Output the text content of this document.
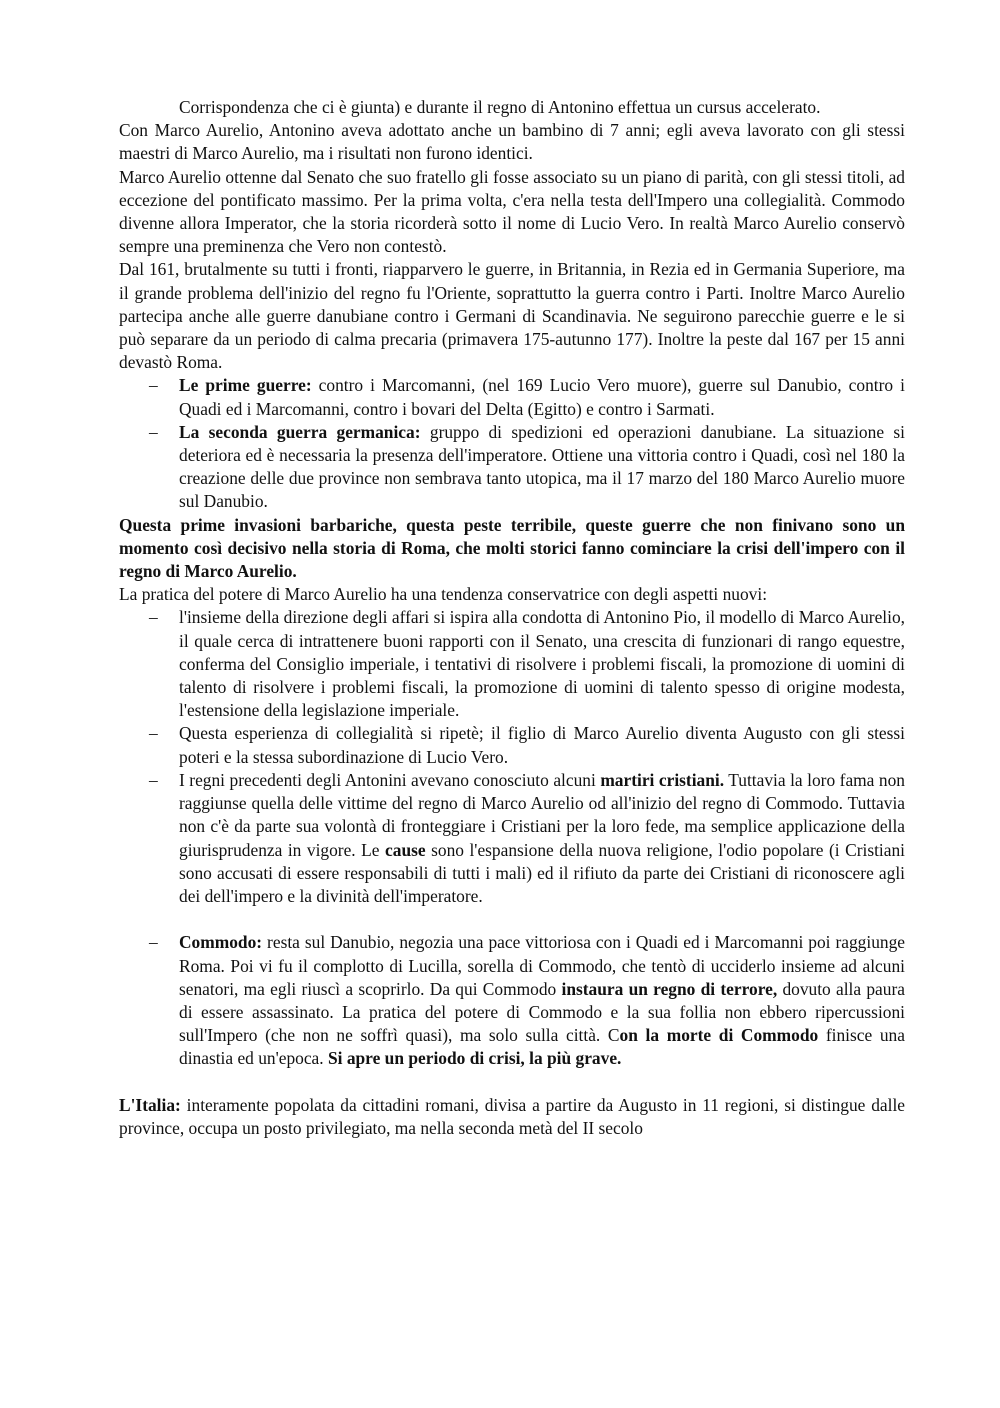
Corrispondenza che ci è giunta) e durante il regno di Antonino effettua un cursus accelerato.

Con Marco Aurelio, Antonino aveva adottato anche un bambino di 7 anni; egli aveva lavorato con gli stessi maestri di Marco Aurelio, ma i risultati non furono identici.

Marco Aurelio ottenne dal Senato che suo fratello gli fosse associato su un piano di parità, con gli stessi titoli, ad eccezione del pontificato massimo. Per la prima volta, c'era nella testa dell'Impero una collegialità. Commodo divenne allora Imperator, che la storia ricorderà sotto il nome di Lucio Vero. In realtà Marco Aurelio conservò sempre una preminenza che Vero non contestò.

Dal 161, brutalmente su tutti i fronti, riapparvero le guerre, in Britannia, in Rezia ed in Germania Superiore, ma il grande problema dell'inizio del regno fu l'Oriente, soprattutto la guerra contro i Parti. Inoltre Marco Aurelio partecipa anche alle guerre danubiane contro i Germani di Scandinavia. Ne seguirono parecchie guerre e le si può separare da un periodo di calma precaria (primavera 175-autunno 177). Inoltre la peste dal 167 per 15 anni devastò Roma.

– Le prime guerre: contro i Marcomanni, (nel 169 Lucio Vero muore), guerre sul Danubio, contro i Quadi ed i Marcomanni, contro i bovari del Delta (Egitto) e contro i Sarmati.
– La seconda guerra germanica: gruppo di spedizioni ed operazioni danubiane. La situazione si deteriora ed è necessaria la presenza dell'imperatore. Ottiene una vittoria contro i Quadi, così nel 180 la creazione delle due province non sembrava tanto utopica, ma il 17 marzo del 180 Marco Aurelio muore sul Danubio.

Questa prime invasioni barbariche, questa peste terribile, queste guerre che non finivano sono un momento così decisivo nella storia di Roma, che molti storici fanno cominciare la crisi dell'impero con il regno di Marco Aurelio.

La pratica del potere di Marco Aurelio ha una tendenza conservatrice con degli aspetti nuovi:

– l'insieme della direzione degli affari si ispira alla condotta di Antonino Pio, il modello di Marco Aurelio, il quale cerca di intrattenere buoni rapporti con il Senato, una crescita di funzionari di rango equestre, conferma del Consiglio imperiale, i tentativi di risolvere i problemi fiscali, la promozione di uomini di talento di risolvere i problemi fiscali, la promozione di uomini di talento spesso di origine modesta, l'estensione della legislazione imperiale.
– Questa esperienza di collegialità si ripetè; il figlio di Marco Aurelio diventa Augusto con gli stessi poteri e la stessa subordinazione di Lucio Vero.
– I regni precedenti degli Antonini avevano conosciuto alcuni martiri cristiani. Tuttavia la loro fama non raggiunse quella delle vittime del regno di Marco Aurelio od all'inizio del regno di Commodo. Tuttavia non c'è da parte sua volontà di fronteggiare i Cristiani per la loro fede, ma semplice applicazione della giurisprudenza in vigore. Le cause sono l'espansione della nuova religione, l'odio popolare (i Cristiani sono accusati di essere responsabili di tutti i mali) ed il rifiuto da parte dei Cristiani di riconoscere agli dei dell'impero e la divinità dell'imperatore.
– Commodo: resta sul Danubio, negozia una pace vittoriosa con i Quadi ed i Marcomanni poi raggiunge Roma. Poi vi fu il complotto di Lucilla, sorella di Commodo, che tentò di ucciderlo insieme ad alcuni senatori, ma egli riuscì a scoprirlo. Da qui Commodo instaura un regno di terrore, dovuto alla paura di essere assassinato. La pratica del potere di Commodo e la sua follia non ebbero ripercussioni sull'Impero (che non ne soffrì quasi), ma solo sulla città. Con la morte di Commodo finisce una dinastia ed un'epoca. Si apre un periodo di crisi, la più grave.

L'Italia: interamente popolata da cittadini romani, divisa a partire da Augusto in 11 regioni, si distingue dalle province, occupa un posto privilegiato, ma nella seconda metà del II secolo
